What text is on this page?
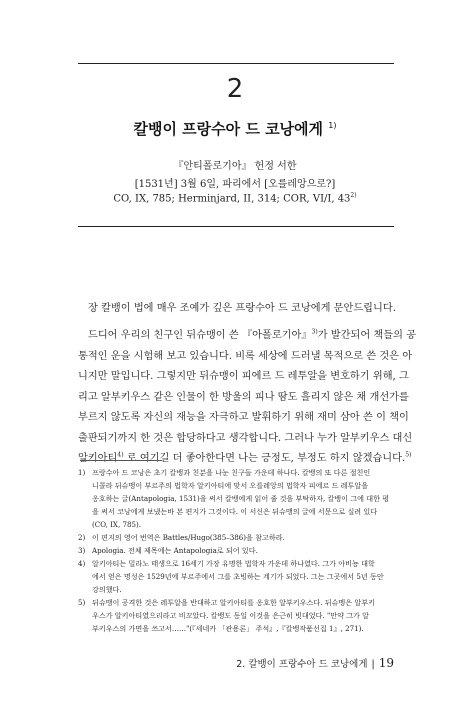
2
칼뱅이 프랑수아 드 코낭에게 $^{1)}$
『안티폴로기아』 헌정 서한
[1531년] 3월 6일, 파리에서 [오를레앙으로?]
CO, IX, 785; Herminjard, II, 314; COR, VI/I, 43$^{2)}$
장 칼뱅이 법에 매우 조예가 깊은 프랑수아 드 코낭에게 문안드립니다.
드디어 우리의 친구인 뒤슈맹이 쓴 『아폴로기아』$^{3)}$가 발간되어 책들의 공
통적인 운을 시험해 보고 있습니다. 비록 세상에 드러낼 목적으로 쓴 것은 아
니지만 말입니다. 그렇지만 뒤슈맹이 피에르 드 레투알을 변호하기 위해, 그
리고 알부키우스 같은 인물이 한 방울의 피나 땀도 흘리지 않은 채 개선가를
부르지 않도록 자신의 재능을 자극하고 발휘하기 위해 재미 삼아 쓴 이 책이
출판되기까지 한 것은 합당하다고 생각합니다. 그러나 누가 알부키우스 대신
알키아티$^{4)}$ 로 여기길 더 좋아한다면 나는 긍정도, 부정도 하지 않겠습니다.$^{5)}$
1) 프랑수아 드 코낭은 초기 칼뱅과 친분을 나눈 친구들 가운데 하나다. 칼뱅의 또 다른 절친인
니콜라 뒤슈맹이 부르주의 법학자 알키아티에 맞서 오를레앙의 법학자 피에르 드 레투알을
옹호하는 글(Antapologia, 1531)을 써서 칼뱅에게 읽어 줄 것을 부탁하자, 칼뱅이 그에 대한 평
을 써서 코낭에게 보냈는바 본 편지가 그것이다. 이 서신은 뒤슈맹의 글에 서문으로 실려 있다
(CO, IX, 785).
2) 이 편지의 영어 번역은 Battles/Hugo(385–386)을 참고하라.
3) Apologia. 전체 제목에는 Antapologia로 되어 있다.
4) 알키아티는 밀라노 태생으로 16세기 가장 유명한 법학자 가운데 하나였다. 그가 아비뇽 대학
에서 얻은 명성은 1529년에 부르주에서 그를 초빙하는 계기가 되었다. 그는 그곳에서 5년 동안
강의했다.
5) 뒤슈맹이 공격한 것은 레투알을 반대하고 알키아티를 옹호한 알부키우스다. 뒤슈맹은 알부키
우스가 알키아티였으리라고 비꼬았다. 칼뱅도 동일 이것을 은근히 빗대었다. "만약 그가 알
부키우스의 가면을 쓰고서……"(『세네카 「관용론」 주석』,『칼뱅작품선집 1』, 271).
2. 칼뱅이 프랑수아 드 코낭에게 | 19
